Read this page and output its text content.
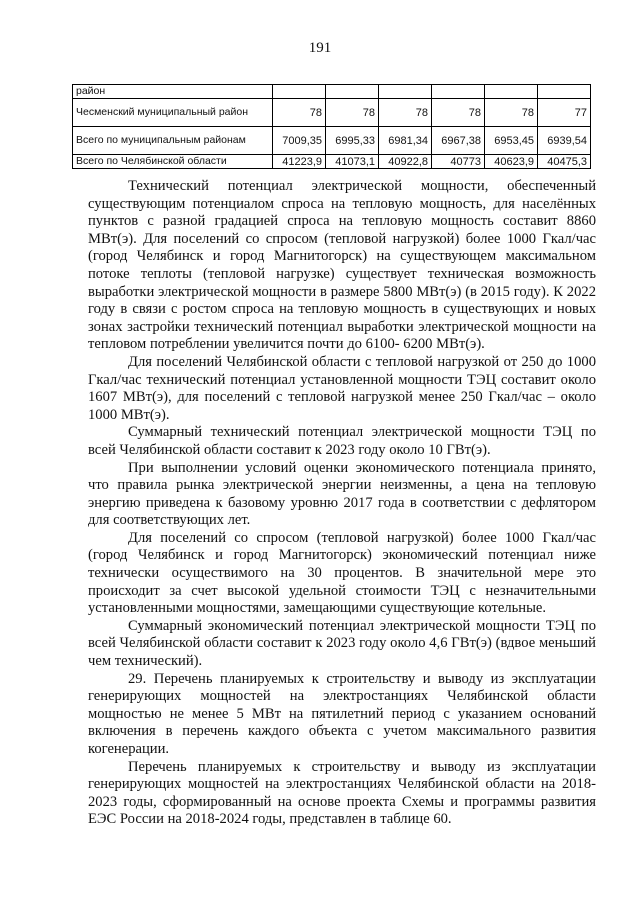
191
район						
Чесменский муниципальный район	78	78	78	78	78	77
Всего по муниципальным районам	7009,35	6995,33	6981,34	6967,38	6953,45	6939,54
Всего по Челябинской области	41223,9	41073,1	40922,8	40773	40623,9	40475,3

Технический потенциал электрической мощности, обеспеченный существующим потенциалом спроса на тепловую мощность, для населённых пунктов с разной градацией спроса на тепловую мощность составит 8860 МВт(э). Для поселений со спросом (тепловой нагрузкой) более 1000 Гкал/час (город Челябинск и город Магнитогорск) на существующем максимальном потоке теплоты (тепловой нагрузке) существует техническая возможность выработки электрической мощности в размере 5800 МВт(э) (в 2015 году). К 2022 году в связи с ростом спроса на тепловую мощность в существующих и новых зонах застройки технический потенциал выработки электрической мощности на тепловом потреблении увеличится почти до 6100- 6200 МВт(э).

Для поселений Челябинской области с тепловой нагрузкой от 250 до 1000 Гкал/час технический потенциал установленной мощности ТЭЦ составит около 1607 МВт(э), для поселений с тепловой нагрузкой менее 250 Гкал/час – около 1000 МВт(э).

Суммарный технический потенциал электрической мощности ТЭЦ по всей Челябинской области составит к 2023 году около 10 ГВт(э).

При выполнении условий оценки экономического потенциала принято, что правила рынка электрической энергии неизменны, а цена на тепловую энергию приведена к базовому уровню 2017 года в соответствии с дефлятором для соответствующих лет.

Для поселений со спросом (тепловой нагрузкой) более 1000 Гкал/час (город Челябинск и город Магнитогорск) экономический потенциал ниже технически осуществимого на 30 процентов. В значительной мере это происходит за счет высокой удельной стоимости ТЭЦ с незначительными установленными мощностями, замещающими существующие котельные.

Суммарный экономический потенциал электрической мощности ТЭЦ по всей Челябинской области составит к 2023 году около 4,6 ГВт(э) (вдвое меньший чем технический).

29. Перечень планируемых к строительству и выводу из эксплуатации генерирующих мощностей на электростанциях Челябинской области мощностью не менее 5 МВт на пятилетний период с указанием оснований включения в перечень каждого объекта с учетом максимального развития когенерации.

Перечень планируемых к строительству и выводу из эксплуатации генерирующих мощностей на электростанциях Челябинской области на 2018-2023 годы, сформированный на основе проекта Схемы и программы развития ЕЭС России на 2018-2024 годы, представлен в таблице 60.
